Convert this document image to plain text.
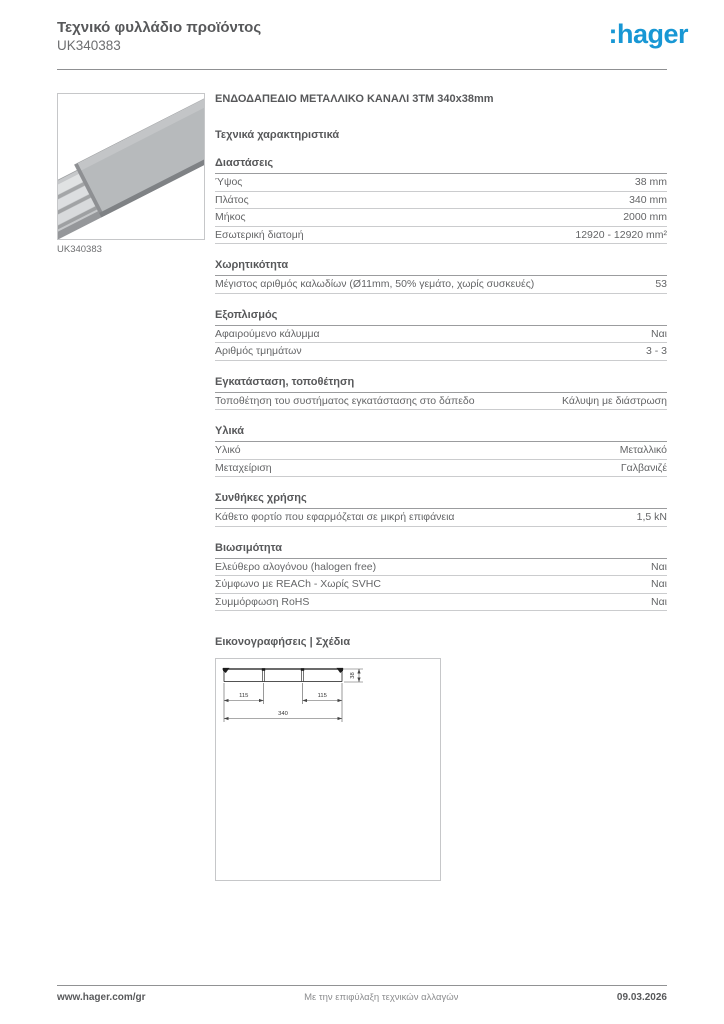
Τεχνικό φυλλάδιο προϊόντος
UK340383	:hager
UK340383
ΕΝΔΟΔΑΠΕΔΙΟ ΜΕΤΑΛΛΙΚΟ ΚΑΝΑΛΙ 3TM 340x38mm
Τεχνικά χαρακτηριστικά
Διαστάσεις
Ύψος	38 mm
Πλάτος	340 mm
Μήκος	2000 mm
Εσωτερική διατομή	12920 - 12920 mm²
Χωρητικότητα
Μέγιστος αριθμός καλωδίων (Ø11mm, 50% γεμάτο, χωρίς συσκευές)	53
Εξοπλισμός
Αφαιρούμενο κάλυμμα	Ναι
Αριθμός τμημάτων	3 - 3
Εγκατάσταση, τοποθέτηση
Τοποθέτηση του συστήματος εγκατάστασης στο δάπεδο	Κάλυψη με διάστρωση
Υλικά
Υλικό	Μεταλλικό
Μεταχείριση	Γαλβανιζέ
Συνθήκες χρήσης
Κάθετο φορτίο που εφαρμόζεται σε μικρή επιφάνεια	1,5 kN
Βιωσιμότητα
Ελεύθερο αλογόνου (halogen free)	Ναι
Σύμφωνο με REACh - Χωρίς SVHC	Ναι
Συμμόρφωση RoHS	Ναι
Εικονογραφήσεις | Σχέδια
38
115	115
340
www.hager.com/gr	Με την επιφύλαξη τεχνικών αλλαγών	09.03.2026
